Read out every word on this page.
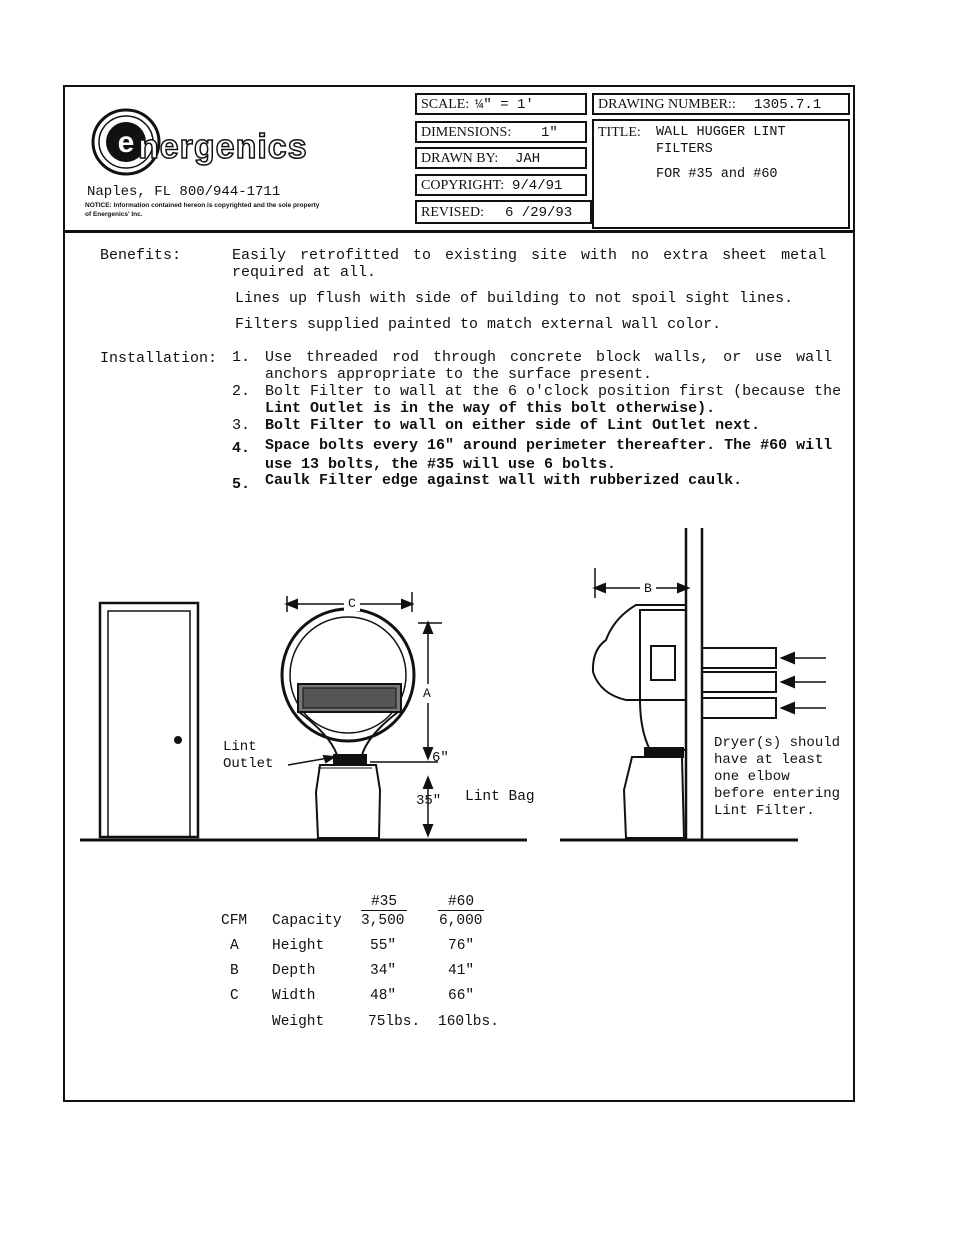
e nergenics
Naples, FL 800/944-1711
NOTICE: Information contained hereon is copyrighted and the sole property
of Energenics' Inc.
SCALE: ¼" = 1'
DIMENSIONS: 1"
DRAWN BY: JAH
COPYRIGHT: 9/4/91
REVISED: 6 /29/93
DRAWING NUMBER:: 1305.7.1
TITLE: WALL HUGGER LINT
FILTERS
FOR #35 and #60
Benefits:	Easily retrofitted to existing site with no extra sheet metal
required at all.
Lines up flush with side of building to not spoil sight lines.
Filters supplied painted to match external wall color.
Installation: 1. Use threaded rod through concrete block walls, or use wall
anchors appropriate to the surface present.
2. Bolt Filter to wall at the 6 o'clock position first (because the
Lint Outlet is in the way of this bolt otherwise).
3. Bolt Filter to wall on either side of Lint Outlet next.
4. Space bolts every 16" around perimeter thereafter. The #60 will
use 13 bolts, the #35 will use 6 bolts.
5. Caulk Filter edge against wall with rubberized caulk.
C
A
6"
35"
Lint
Outlet
Lint Bag
B
Dryer(s) should
have at least
one elbow
before entering
Lint Filter.
#35	#60
CFM Capacity 3,500 6,000
A Height	55"	76"
B Depth	34"	41"
C Width	48"	66"
Weight	75lbs. 160lbs.
